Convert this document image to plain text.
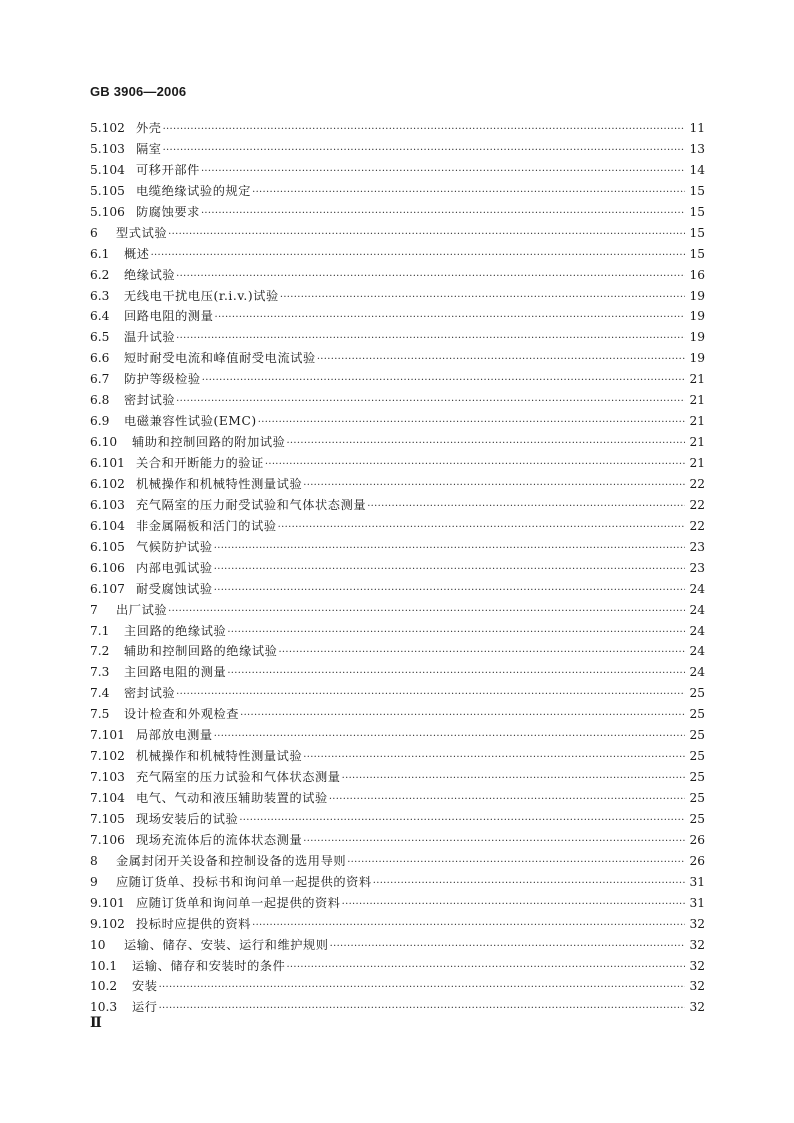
GB 3906—2006
5.102 外壳 ·····	11
5.103 隔室 ·····	13
5.104 可移开部件 ·····	14
5.105 电缆绝缘试验的规定 ·····	15
5.106 防腐蚀要求 ·····	15
6	型式试验 ·····	15
6.1	概述 ·····	15
6.2	绝缘试验 ·····	16
6.3	无线电干扰电压(r.i.v.)试验 ·····	19
6.4	回路电阻的测量 ·····	19
6.5	温升试验 ·····	19
6.6	短时耐受电流和峰值耐受电流试验 ·····	19
6.7	防护等级检验 ·····	21
6.8	密封试验 ·····	21
6.9	电磁兼容性试验(EMC) ·····	21
6.10	辅助和控制回路的附加试验 ·····	21
6.101 关合和开断能力的验证 ·····	21
6.102 机械操作和机械特性测量试验 ·····	22
6.103 充气隔室的压力耐受试验和气体状态测量 ·····	22
6.104 非金属隔板和活门的试验 ·····	22
6.105 气候防护试验 ·····	23
6.106 内部电弧试验 ·····	23
6.107 耐受腐蚀试验 ·····	24
7	出厂试验 ·····	24
7.1	主回路的绝缘试验 ·····	24
7.2	辅助和控制回路的绝缘试验 ·····	24
7.3	主回路电阻的测量 ·····	24
7.4	密封试验 ·····	25
7.5	设计检查和外观检查 ·····	25
7.101 局部放电测量 ·····	25
7.102 机械操作和机械特性测量试验 ·····	25
7.103 充气隔室的压力试验和气体状态测量 ·····	25
7.104 电气、气动和液压辅助装置的试验 ·····	25
7.105 现场安装后的试验 ·····	25
7.106 现场充流体后的流体状态测量 ·····	26
8	金属封闭开关设备和控制设备的选用导则 ·····	26
9	应随订货单、投标书和询问单一起提供的资料 ·····	31
9.101 应随订货单和询问单一起提供的资料 ·····	31
9.102 投标时应提供的资料 ·····	32
10	运输、储存、安装、运行和维护规则 ·····	32
10.1	运输、储存和安装时的条件 ·····	32
10.2	安装 ·····	32
10.3	运行 ·····	32
Ⅱ
